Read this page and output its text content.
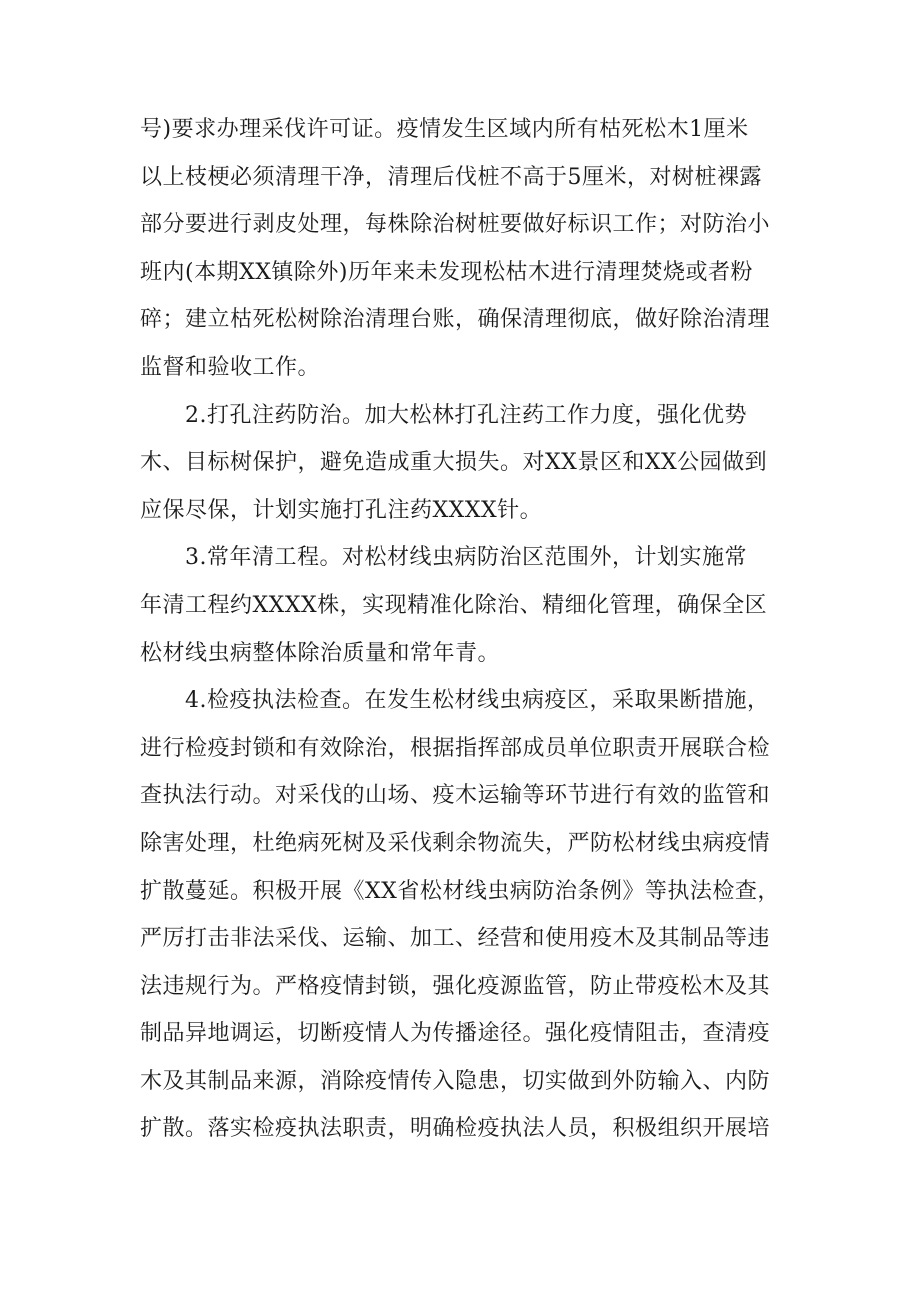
号)要求办理采伐许可证。疫情发生区域内所有枯死松木1厘米
以上枝梗必须清理干净，清理后伐桩不高于5厘米，对树桩裸露
部分要进行剥皮处理，每株除治树桩要做好标识工作；对防治小
班内(本期XX镇除外)历年来未发现松枯木进行清理焚烧或者粉
碎；建立枯死松树除治清理台账，确保清理彻底，做好除治清理
监督和验收工作。
　　2.打孔注药防治。加大松林打孔注药工作力度，强化优势
木、目标树保护，避免造成重大损失。对XX景区和XX公园做到
应保尽保，计划实施打孔注药XXXX针。
　　3.常年清工程。对松材线虫病防治区范围外，计划实施常
年清工程约XXXX株，实现精准化除治、精细化管理，确保全区
松材线虫病整体除治质量和常年青。
　　4.检疫执法检查。在发生松材线虫病疫区，采取果断措施，
进行检疫封锁和有效除治，根据指挥部成员单位职责开展联合检
查执法行动。对采伐的山场、疫木运输等环节进行有效的监管和
除害处理，杜绝病死树及采伐剩余物流失，严防松材线虫病疫情
扩散蔓延。积极开展《XX省松材线虫病防治条例》等执法检查，
严厉打击非法采伐、运输、加工、经营和使用疫木及其制品等违
法违规行为。严格疫情封锁，强化疫源监管，防止带疫松木及其
制品异地调运，切断疫情人为传播途径。强化疫情阻击，查清疫
木及其制品来源，消除疫情传入隐患，切实做到外防输入、内防
扩散。落实检疫执法职责，明确检疫执法人员，积极组织开展培
